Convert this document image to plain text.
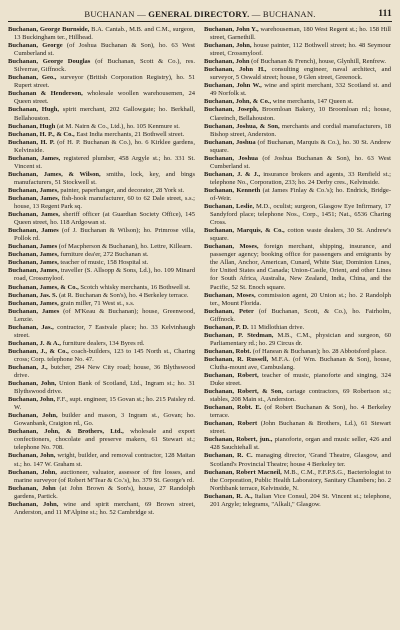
BUCHANAN — GENERAL DIRECTORY. — BUCHANAN.	111

Buchanan, George Burnside, B.A. Cantab., M.B. and C.M., surgeon, 13 Buckingham ter., Hillhead.

Buchanan, George (of Joshua Buchanan & Son), ho. 63 West Cumberland st.

Buchanan, George Douglas (of Buchanan, Scott & Co.), res. Silverrae, Giffnock.

Buchanan, Geo., surveyor (British Corporation Registry), ho. 51 Rupert street.

Buchanan & Henderson, wholesale woollen warehousemen, 24 Queen street.

Buchanan, Hugh, spirit merchant, 202 Gallowgate; ho. Berkhall, Bellahouston.

Buchanan, Hugh (at M. Nairn & Co., Ltd.), ho. 105 Kenmure st.

Buchanan, H. P., & Co., East India merchants, 21 Bothwell street.

Buchanan, H. P. (of H. P. Buchanan & Co.), ho. 6 Kirklee gardens, Kelvinside.

Buchanan, James, registered plumber, 458 Argyle st.; ho. 331 St. Vincent st.

Buchanan, James, & Wilson, smiths, lock, key, and bings manufacturers, 51 Stockwell st.

Buchanan, James, painter, paperhanger, and decorator, 28 York st.

Buchanan, James, fish-hook manufacturer, 60 to 62 Dale street, s.s.; house, 13 Regent Park sq.

Buchanan, James, sheriff officer (at Guardian Society Office), 145 Queen street, ho. 118 Ardgowan st.

Buchanan, James (of J. Buchanan & Wilson); ho. Primrose villa, Pollok rd.

Buchanan, James (of Macpherson & Buchanan), ho. Lettre, Killearn.

Buchanan, James, furniture dea'er, 272 Buchanan st.

Buchanan, James, teacher of music, 158 Hospital st.

Buchanan, James, traveller (S. Allsopp & Sons, Ld.), ho. 109 Minard road, Crossmyloof.

Buchanan, James, & Co., Scotch whisky merchants, 16 Bothwell st.

Buchanan, Jas. S. (at R. Buchanan & Son's), ho. 4 Berkeley terrace.

Buchanan, James, grain miller, 71 West st., s.s.

Buchanan, James (of M'Keau & Buchanan); house, Greenwood, Lenzie.

Buchanan, Jas., contractor, 7 Eastvale place; ho. 33 Kelvinhaugh street.

Buchanan, J. & A., furniture dealers, 134 Byres rd.

Buchanan, J., & Co., coach-builders, 123 to 145 North st., Charing cross; Corp. telephone No. 47.

Buchanan, J., butcher, 294 New City road; house, 36 Blythswood drive.

Buchanan, John, Union Bank of Scotland, Ltd., Ingram st.; ho. 31 Blythswood drive.

Buchanan, John, F.F., supt. engineer, 15 Govan st.; ho. 215 Paisley rd. W.

Buchanan, John, builder and mason, 3 Ingram st., Govan; ho. Gowanbank, Craigton rd., Go.

Buchanan, John, & Brothers, Ltd., wholesale and export confectioners, chocolate and preserve makers, 61 Stewart st.; telephone No. 708.

Buchanan, John, wright, builder, and removal contractor, 128 Maitan st.; ho. 147 W. Graham st.

Buchanan, John, auctioneer, valuator, assessor of fire losses, and marine surveyor (of Robert M'Tear & Co.'s), ho. 379 St. George's rd.

Buchanan, John (at John Brown & Son's), house, 27 Randolph gardens, Partick.

Buchanan, John, wine and spirit merchant, 69 Brown street, Anderston, and 11 M'Alpine st.; ho. 52 Cambridge st.

Buchanan, John Y., warehouseman, 180 West Regent st.; ho. 158 Hill street, Garnethill.

Buchanan, John, house painter, 112 Bothwell street; ho. 48 Seymour street, Crossmyloof.

Buchanan, John (of Buchanan & French), house, Glynhill, Renfrew.

Buchanan, John H., consulting engineer, naval architect, and surveyor, 5 Oswald street; house, 9 Glen street, Greenock.

Buchanan, John W., wine and spirit merchant, 332 Scotland st. and 49 Norfolk st.

Buchanan, John, & Co., wine merchants, 147 Queen st.

Buchanan, Joseph, Broomloan Bakery, 10 Broomloan rd.; house, Clareinch, Bellahouston.

Buchanan, Joshua, & Son, merchants and cordial manufacturers, 18 Bishop street, Anderston.

Buchanan, Joshua (of Buchanan, Marquis & Co.), ho. 30 St. Andrew square.

Buchanan, Joshua (of Joshua Buchanan & Son), ho. 63 West Cumberland st.

Buchanan, J. & J., insurance brokers and agents, 33 Renfield st.; telephone No., Corporation, 233; ho. 24 Derby cres., Kelvinside.

Buchanan, Kenneth (at James Finlay & Co.'s); ho. Endrick, Bridge-of-Weir.

Buchanan, Leslie, M.D., oculist; surgeon, Glasgow Eye Infirmary, 17 Sandyford place; telephone Nos., Corp., 1451; Nat., 6536 Charing Cross.

Buchanan, Marquis, & Co., cotton waste dealers, 30 St. Andrew's square.

Buchanan, Moses, foreign merchant, shipping, insurance, and passenger agency; booking office for passengers and emigrants by the Allan, Anchor, American, Cunard, White Star, Dominion Lines, for United States and Canada; Union-Castle, Orient, and other Lines for South Africa, Australia, New Zealand, India, China, and the Pacific, 52 St. Enoch square.

Buchanan, Moses, commission agent, 20 Union st.; ho. 2 Randolph ter., Mount Florida.

Buchanan, Peter (of Buchanan, Scott, & Co.), ho. Fairholm, Giffnock.

Buchanan, P. D. 11 Midlothian drive.

Buchanan, P. Stedman, M.B., C.M., physician and surgeon, 60 Parliamentary rd.; ho. 29 Circus dr.

Buchanan, Robt. (of Hanean & Buchanan); ho. 28 Abbotsford place.

Buchanan, R. Russell, M.F.A. (of Wm. Buchanan & Son), house, Clutha-mount ave, Cambuslang.

Buchanan, Robert, teacher of music, pianoforte and singing, 324 Duke street.

Buchanan, Robert, & Son, cartage contractors, 69 Robertson st.; stables, 208 Main st., Anderston.

Buchanan, Robt. E. (of Robert Buchanan & Son), ho. 4 Berkeley terrace.

Buchanan, Robert (John Buchanan & Brothers, Ld.), 61 Stewart street.

Buchanan, Robert, jun., pianoforte, organ and music seller, 426 and 428 Sauchiehall st.

Buchanan, R. C. managing director, 'Grand Theatre, Glasgow, and Scotland's Provincial Theatre; house 4 Berkeley ter.

Buchanan, Robert Macneil, M.B., C.M., F.F.P.S.G., Bacteriologist to the Corporation, Public Health Laboratory, Sanitary Chambers; ho. 2 Northbank terrace, Kelvinside, N.

Buchanan, R. A., Italian Vice Consul, 204 St. Vincent st.; telephone, 201 Argyle; telegrams, "Alkali," Glasgow.
